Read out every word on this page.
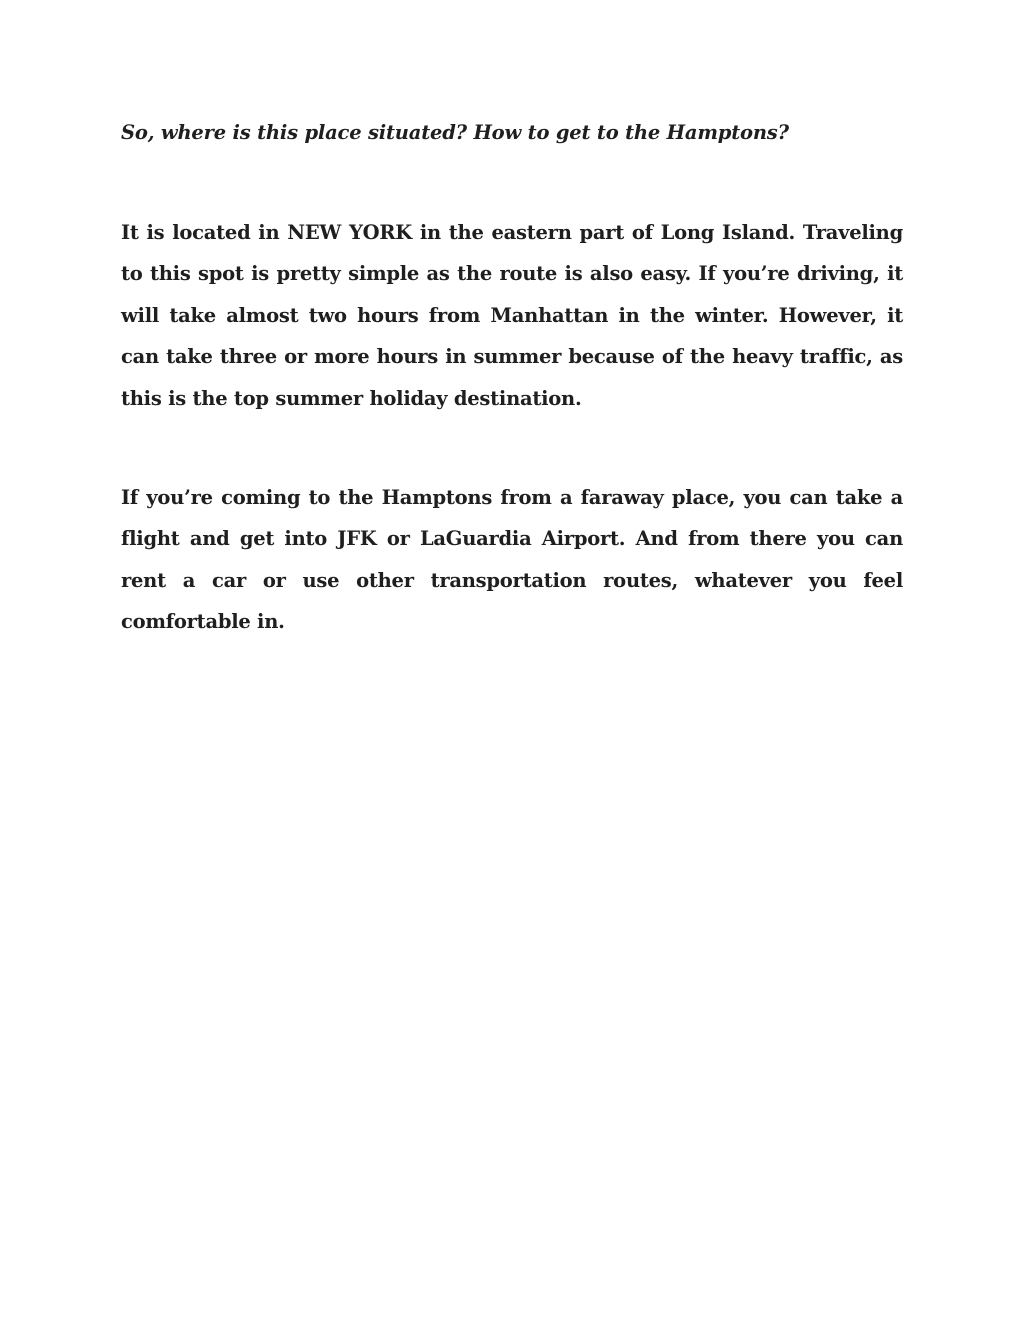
So, where is this place situated? How to get to the Hamptons?

It is located in NEW YORK in the eastern part of Long Island. Traveling to this spot is pretty simple as the route is also easy. If you’re driving, it will take almost two hours from Manhattan in the winter. However, it can take three or more hours in summer because of the heavy traffic, as this is the top summer holiday destination.

If you’re coming to the Hamptons from a faraway place, you can take a flight and get into JFK or LaGuardia Airport. And from there you can rent a car or use other transportation routes, whatever you feel comfortable in.
